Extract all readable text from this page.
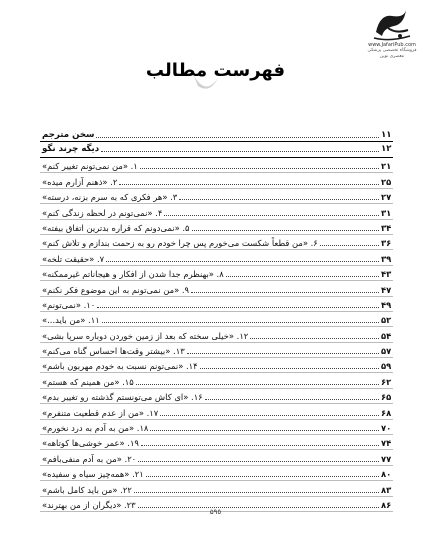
www.JafariPub.com
فروشگاه تخصصی پزشکی معصری نوین
فهرست مطالب
سخن مترجم	۱۱
دیگه چرند نگو	۱۲
۱. «من نمی‌تونم تغییر کنم»	۲۱
۲. «ذهنم آزارم میده»	۲۵
۳. «هر فکری که به سرم بزنه، درسته»	۲۷
۴. «نمی‌تونم در لحظه زندگی کنم»	۳۱
۵. «نمی‌دونم که قراره بدترین اتفاق بیفته»	۳۴
۶. «من قطعاً شکست می‌خورم پس چرا خودم رو به زحمت بندازم و تلاش کنم»	۳۶
۷. «حقیقت تلخه»	۳۹
۸. «بهنظرم جدا شدن از افکار و هیجاناتم غیرممکنه»	۴۳
۹. «من نمی‌تونم به این موضوع فکر نکنم»	۴۷
۱۰. «نمی‌تونم»	۴۹
۱۱. «من باید...»	۵۲
۱۲. «خیلی سخته که بعد از زمین خوردن دوباره سرپا بشی»	۵۴
۱۳. «بیشتر وقت‌ها احساس گناه می‌کنم»	۵۷
۱۴. «نمی‌تونم نسبت به خودم مهربون باشم»	۵۹
۱۵. «من همینم که هستم»	۶۲
۱۶. «ای کاش می‌تونستم گذشته رو تغییر بدم»	۶۵
۱۷. «من از عدم قطعیت متنفرم»	۶۸
۱۸. «من به آدم به درد نخورم»	۷۰
۱۹. «عمر خوشی‌ها کوتاهه»	۷۴
۲۰. «من به آدم منفی‌بافم»	۷۷
۲۱. «همه‌چیز سیاه و سفیده»	۸۰
۲۲. «من باید کامل باشم»	۸۳
۲۳. «دیگران از من بهترند»	۸۶
۵۹٥
